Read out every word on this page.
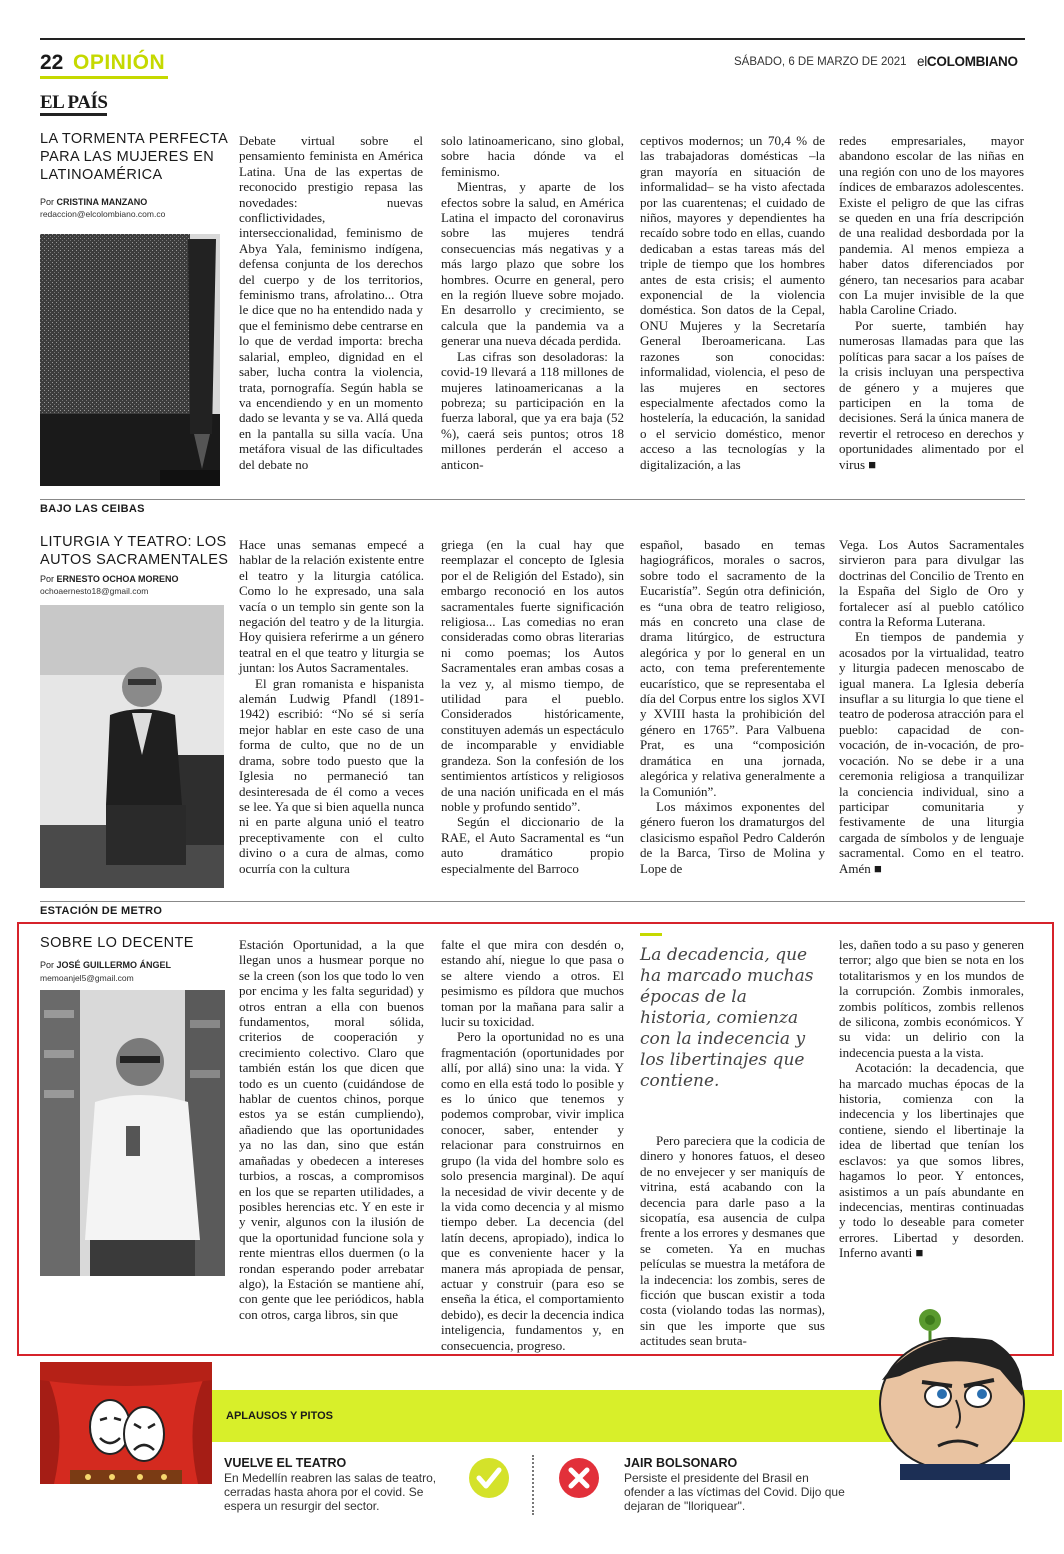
22 OPINIÓN	SÁBADO, 6 DE MARZO DE 2021 elCOLOMBIANO
EL PAÍS
LA TORMENTA PERFECTA PARA LAS MUJERES EN LATINOAMÉRICA
Por CRISTINA MANZANO
redaccion@elcolombiano.com.co

Debate virtual sobre el pensamiento feminista en América Latina. Una de las expertas de reconocido prestigio repasa las novedades: nuevas conflictividades, interseccionalidad, feminismo de Abya Yala, feminismo indígena, defensa conjunta de los derechos del cuerpo y de los territorios, feminismo trans, afrolatino... Otra le dice que no ha entendido nada y que el feminismo debe centrarse en lo que de verdad importa: brecha salarial, empleo, dignidad en el saber, lucha contra la violencia, trata, pornografía. Según habla se va encendiendo y en un momento dado se levanta y se va. Allá queda en la pantalla su silla vacía. Una metáfora visual de las dificultades del debate no

solo latinoamericano, sino global, sobre hacia dónde va el feminismo.

Mientras, y aparte de los efectos sobre la salud, en América Latina el impacto del coronavirus sobre las mujeres tendrá consecuencias más negativas y a más largo plazo que sobre los hombres. Ocurre en general, pero en la región llueve sobre mojado. En desarrollo y crecimiento, se calcula que la pandemia va a generar una nueva década perdida.

Las cifras son desoladoras: la covid-19 llevará a 118 millones de mujeres latinoamericanas a la pobreza; su participación en la fuerza laboral, que ya era baja (52 %), caerá seis puntos; otros 18 millones perderán el acceso a anticon-

ceptivos modernos; un 70,4 % de las trabajadoras domésticas –la gran mayoría en situación de informalidad– se ha visto afectada por las cuarentenas; el cuidado de niños, mayores y dependientes ha recaído sobre todo en ellas, cuando dedicaban a estas tareas más del triple de tiempo que los hombres antes de esta crisis; el aumento exponencial de la violencia doméstica. Son datos de la Cepal, ONU Mujeres y la Secretaría General Iberoamericana. Las razones son conocidas: informalidad, violencia, el peso de las mujeres en sectores especialmente afectados como la hostelería, la educación, la sanidad o el servicio doméstico, menor acceso a las tecnologías y la digitalización, a las

redes empresariales, mayor abandono escolar de las niñas en una región con uno de los mayores índices de embarazos adolescentes. Existe el peligro de que las cifras se queden en una fría descripción de una realidad desbordada por la pandemia. Al menos empieza a haber datos diferenciados por género, tan necesarios para acabar con La mujer invisible de la que habla Caroline Criado.

Por suerte, también hay numerosas llamadas para que las políticas para sacar a los países de la crisis incluyan una perspectiva de género y a mujeres que participen en la toma de decisiones. Será la única manera de revertir el retroceso en derechos y oportunidades alimentado por el virus ■

BAJO LAS CEIBAS
LITURGIA Y TEATRO: LOS AUTOS SACRAMENTALES
Por ERNESTO OCHOA MORENO
ochoaernesto18@gmail.com

Hace unas semanas empecé a hablar de la relación existente entre el teatro y la liturgia católica. Como lo he expresado, una sala vacía o un templo sin gente son la negación del teatro y de la liturgia. Hoy quisiera referirme a un género teatral en el que teatro y liturgia se juntan: los Autos Sacramentales.

El gran romanista e hispanista alemán Ludwig Pfandl (1891-1942) escribió: “No sé si sería mejor hablar en este caso de una forma de culto, que no de un drama, sobre todo puesto que la Iglesia no permaneció tan desinteresada de él como a veces se lee. Ya que si bien aquella nunca ni en parte alguna unió el teatro preceptivamente con el culto divino o a cura de almas, como ocurría con la cultura

griega (en la cual hay que reemplazar el concepto de Iglesia por el de Religión del Estado), sin embargo reconoció en los autos sacramentales fuerte significación religiosa... Las comedias no eran consideradas como obras literarias ni como poemas; los Autos Sacramentales eran ambas cosas a la vez y, al mismo tiempo, de utilidad para el pueblo. Considerados históricamente, constituyen además un espectáculo de incomparable y envidiable grandeza. Son la confesión de los sentimientos artísticos y religiosos de una nación unificada en el más noble y profundo sentido”.

Según el diccionario de la RAE, el Auto Sacramental es “un auto dramático propio especialmente del Barroco

español, basado en temas hagiográficos, morales o sacros, sobre todo el sacramento de la Eucaristía”. Según otra definición, es “una obra de teatro religioso, más en concreto una clase de drama litúrgico, de estructura alegórica y por lo general en un acto, con tema preferentemente eucarístico, que se representaba el día del Corpus entre los siglos XVI y XVIII hasta la prohibición del género en 1765”. Para Valbuena Prat, es una “composición dramática en una jornada, alegórica y relativa generalmente a la Comunión”.

Los máximos exponentes del género fueron los dramaturgos del clasicismo español Pedro Calderón de la Barca, Tirso de Molina y Lope de

Vega. Los Autos Sacramentales sirvieron para para divulgar las doctrinas del Concilio de Trento en la España del Siglo de Oro y fortalecer así al pueblo católico contra la Reforma Luterana.

En tiempos de pandemia y acosados por la virtualidad, teatro y liturgia padecen menoscabo de igual manera. La Iglesia debería insuflar a su liturgia lo que tiene el teatro de poderosa atracción para el pueblo: capacidad de con-vocación, de in-vocación, de pro-vocación. No se debe ir a una ceremonia religiosa a tranquilizar la conciencia individual, sino a participar comunitaria y festivamente de una liturgia cargada de símbolos y de lenguaje sacramental. Como en el teatro. Amén ■

ESTACIÓN DE METRO
SOBRE LO DECENTE
Por JOSÉ GUILLERMO ÁNGEL
memoanjel5@gmail.com

Estación Oportunidad, a la que llegan unos a husmear porque no se la creen (son los que todo lo ven por encima y les falta seguridad) y otros entran a ella con buenos fundamentos, moral sólida, criterios de cooperación y crecimiento colectivo. Claro que también están los que dicen que todo es un cuento (cuidándose de hablar de cuentos chinos, porque estos ya se están cumpliendo), añadiendo que las oportunidades ya no las dan, sino que están amañadas y obedecen a intereses turbios, a roscas, a compromisos en los que se reparten utilidades, a posibles herencias etc. Y en este ir y venir, algunos con la ilusión de que la oportunidad funcione sola y rente mientras ellos duermen (o la rondan esperando poder arrebatar algo), la Estación se mantiene ahí, con gente que lee periódicos, habla con otros, carga libros, sin que

falte el que mira con desdén o, estando ahí, niegue lo que pasa o se altere viendo a otros. El pesimismo es píldora que muchos toman por la mañana para salir a lucir su toxicidad.

Pero la oportunidad no es una fragmentación (oportunidades por allí, por allá) sino una: la vida. Y como en ella está todo lo posible y es lo único que tenemos y podemos comprobar, vivir implica conocer, saber, entender y relacionar para construirnos en grupo (la vida del hombre solo es solo presencia marginal). De aquí la necesidad de vivir decente y de la vida como decencia y al mismo tiempo deber. La decencia (del latín decens, apropiado), indica lo que es conveniente hacer y la manera más apropiada de pensar, actuar y construir (para eso se enseña la ética, el comportamiento debido), es decir la decencia indica inteligencia, fundamentos y, en consecuencia, progreso.

La decadencia, que ha marcado muchas épocas de la historia, comienza con la indecencia y los libertinajes que contiene.

Pero pareciera que la codicia de dinero y honores fatuos, el deseo de no envejecer y ser maniquís de vitrina, está acabando con la decencia para darle paso a la sicopatía, esa ausencia de culpa frente a los errores y desmanes que se cometen. Ya en muchas películas se muestra la metáfora de la indecencia: los zombis, seres de ficción que buscan existir a toda costa (violando todas las normas), sin que les importe que sus actitudes sean bruta-

les, dañen todo a su paso y generen terror; algo que bien se nota en los totalitarismos y en los mundos de la corrupción. Zombis inmorales, zombis políticos, zombis rellenos de silicona, zombis económicos. Y su vida: un delirio con la indecencia puesta a la vista.

Acotación: la decadencia, que ha marcado muchas épocas de la historia, comienza con la indecencia y los libertinajes que contiene, siendo el libertinaje la idea de libertad que tenían los esclavos: ya que somos libres, hagamos lo peor. Y entonces, asistimos a un país abundante en indecencias, mentiras continuadas y todo lo deseable para cometer errores. Libertad y desorden. Inferno avanti ■

APLAUSOS Y PITOS
VUELVE EL TEATRO
En Medellín reabren las salas de teatro, cerradas hasta ahora por el covid. Se espera un resurgir del sector.
JAIR BOLSONARO
Persiste el presidente del Brasil en ofender a las víctimas del Covid. Dijo que dejaran de "lloriquear".
